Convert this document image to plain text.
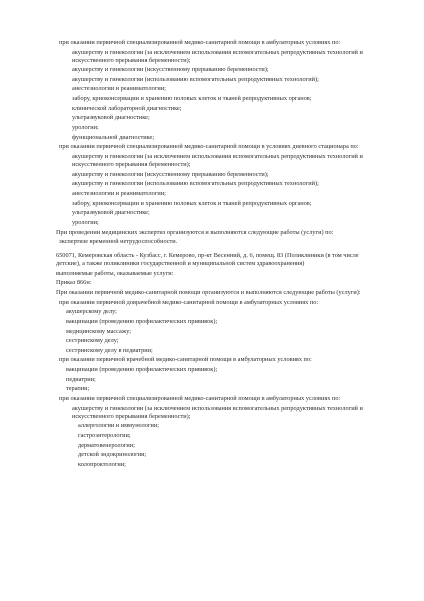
при оказании первичной специализированной медико-санитарной помощи в амбулаторных условиях по:
акушерству и гинекологии (за исключением использования вспомогательных репродуктивных технологий и искусственного прерывания беременности);
акушерству и гинекологии (искусственному прерыванию беременности);
акушерству и гинекологии (использованию вспомогательных репродуктивных технологий);
анестезиологии и реаниматологии;
забору, криоконсервации и хранению половых клеток и тканей репродуктивных органов;
клинической лабораторной диагностике;
ультразвуковой диагностике;
урологии;
функциональной диагностике;
при оказании первичной специализированной медико-санитарной помощи в условиях дневного стационара по:
акушерству и гинекологии (за исключением использования вспомогательных репродуктивных технологий и искусственного прерывания беременности);
акушерству и гинекологии (искусственному прерыванию беременности);
акушерству и гинекологии (использованию вспомогательных репродуктивных технологий);
анестезиологии и реаниматологии;
забору, криоконсервации и хранению половых клеток и тканей репродуктивных органов;
ультразвуковой диагностике;
урологии;
При проведении медицинских экспертиз организуются и выполняются следующие работы (услуги) по:
экспертизе временной нетрудоспособности.
650071, Кемеровская область - Кузбасс, г. Кемерово, пр-кт Весенний, д. 6, помещ. 83 (Поликлиники (в том числе детские), а также поликлиники государственной и муниципальной систем здравоохранения)
выполняемые работы, оказываемые услуги:
Приказ 866н:
При оказании первичной медико-санитарной помощи организуются и выполняются следующие работы (услуги):
при оказании первичной доврачебной медико-санитарной помощи в амбулаторных условиях по:
акушерскому делу;
вакцинации (проведению профилактических прививок);
медицинскому массажу;
сестринскому делу;
сестринскому делу в педиатрии;
при оказании первичной врачебной медико-санитарной помощи в амбулаторных условиях по:
вакцинации (проведению профилактических прививок);
педиатрии;
терапии;
при оказании первичной специализированной медико-санитарной помощи в амбулаторных условиях по:
акушерству и гинекологии (за исключением использования вспомогательных репродуктивных технологий и искусственного прерывания беременности);
аллергологии и иммунологии;
гастроэнтерологии;
дерматовенерологии;
детской эндокринологии;
колопроктологии;
